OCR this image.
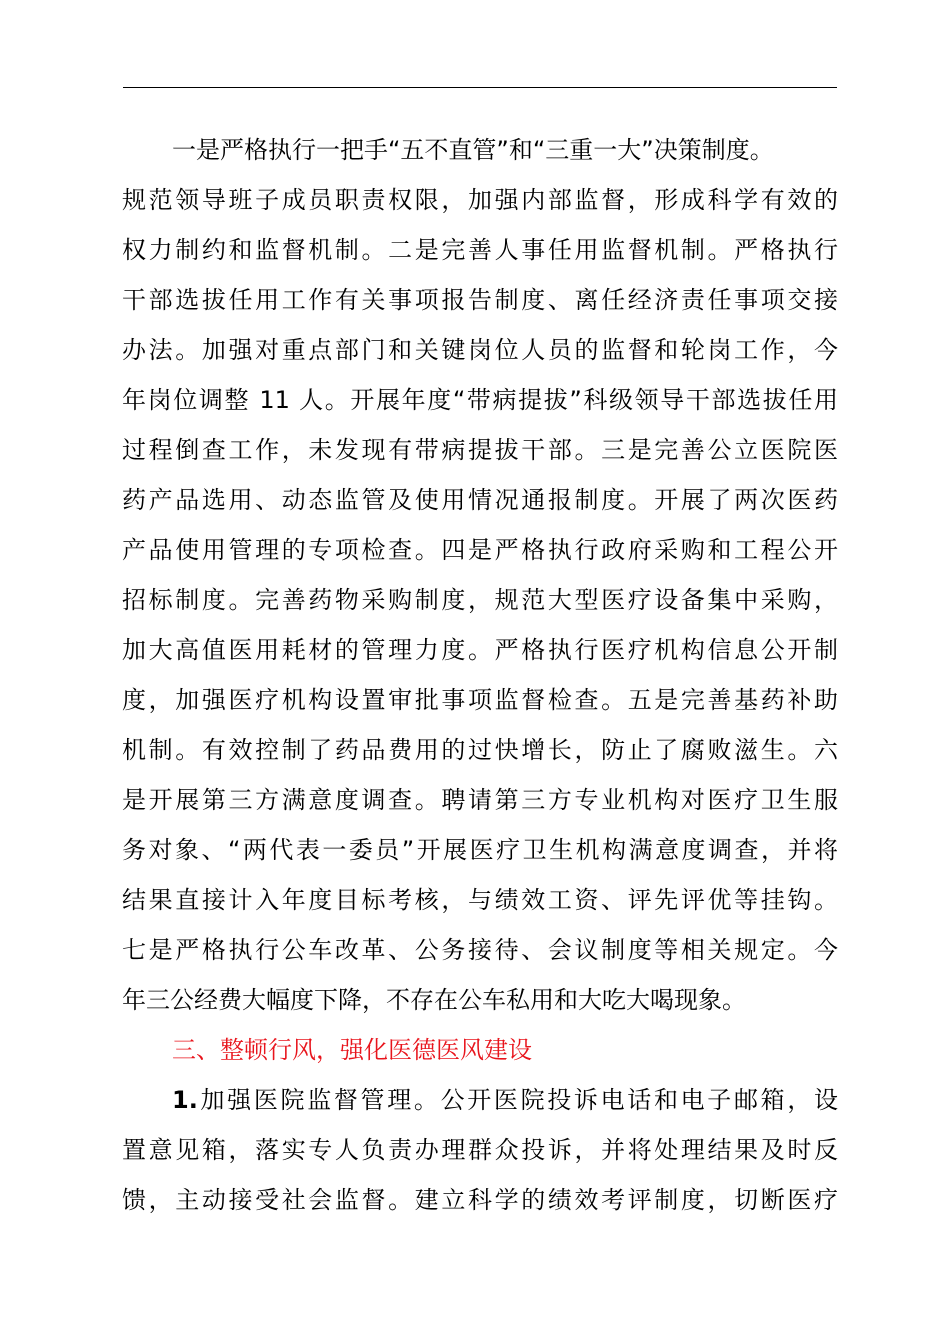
一是严格执行一把手“五不直管”和“三重一大”决策制度。
规范领导班子成员职责权限，加强内部监督，形成科学有效的
权力制约和监督机制。二是完善人事任用监督机制。严格执行
干部选拔任用工作有关事项报告制度、离任经济责任事项交接
办法。加强对重点部门和关键岗位人员的监督和轮岗工作，今
年岗位调整 11 人。开展年度“带病提拔”科级领导干部选拔任用
过程倒查工作，未发现有带病提拔干部。三是完善公立医院医
药产品选用、动态监管及使用情况通报制度。开展了两次医药
产品使用管理的专项检查。四是严格执行政府采购和工程公开
招标制度。完善药物采购制度，规范大型医疗设备集中采购，
加大高值医用耗材的管理力度。严格执行医疗机构信息公开制
度，加强医疗机构设置审批事项监督检查。五是完善基药补助
机制。有效控制了药品费用的过快增长，防止了腐败滋生。六
是开展第三方满意度调查。聘请第三方专业机构对医疗卫生服
务对象、“两代表一委员”开展医疗卫生机构满意度调查，并将
结果直接计入年度目标考核，与绩效工资、评先评优等挂钩。
七是严格执行公车改革、公务接待、会议制度等相关规定。今
年三公经费大幅度下降，不存在公车私用和大吃大喝现象。
三、整顿行风，强化医德医风建设
1.加强医院监督管理。公开医院投诉电话和电子邮箱，设
置意见箱，落实专人负责办理群众投诉，并将处理结果及时反
馈，主动接受社会监督。建立科学的绩效考评制度，切断医疗
